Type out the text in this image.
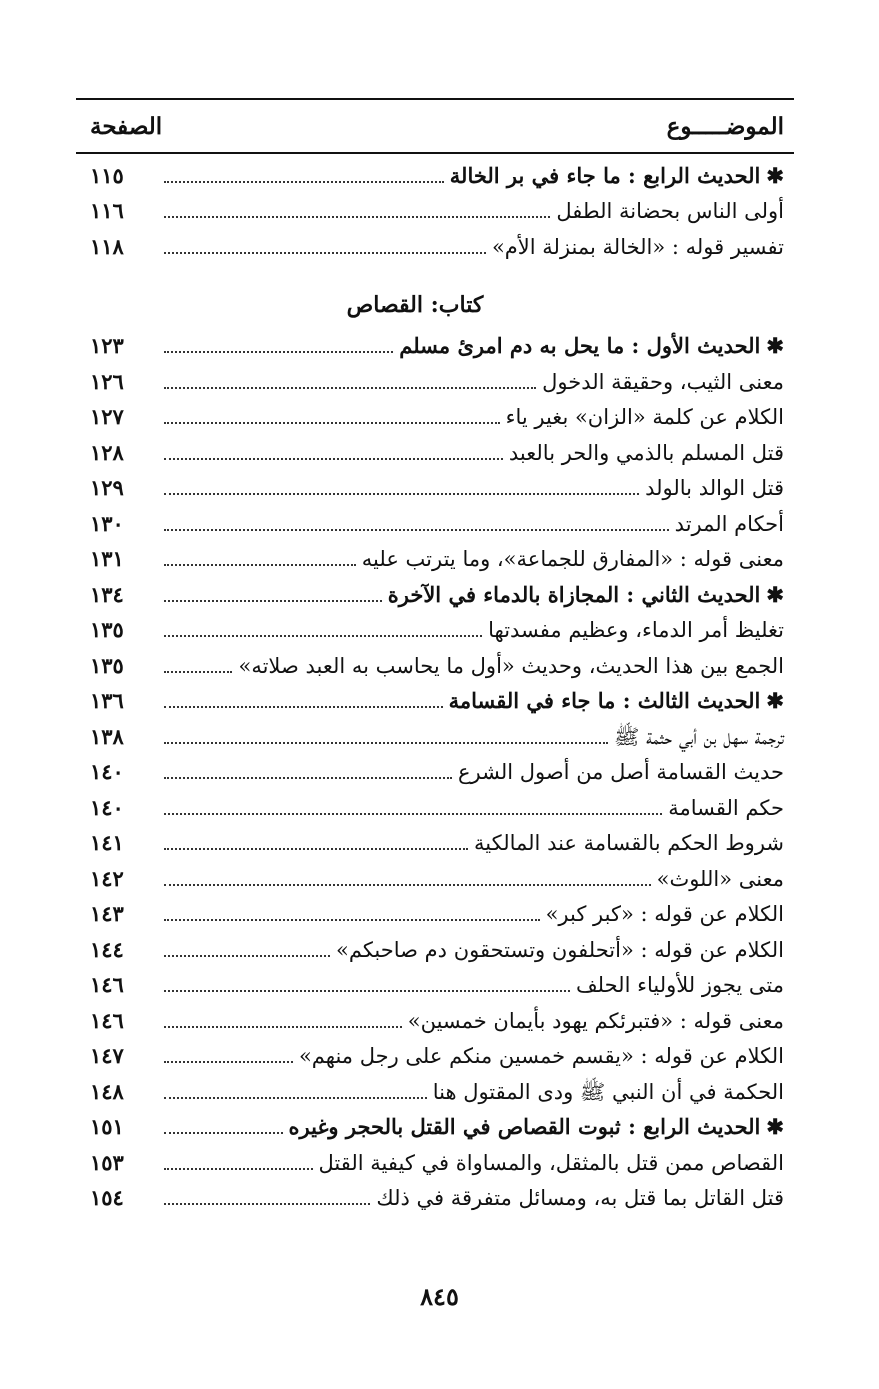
الموضـــــوع
الصفحة
✱الحديث الرابع : ما جاء في بر الخالة
١١٥
أولى الناس بحضانة الطفل
١١٦
تفسير قوله : «الخالة بمنزلة الأم»
١١٨
كتاب: القصاص
✱الحديث الأول : ما يحل به دم امرئ مسلم
١٢٣
معنى الثيب، وحقيقة الدخول
١٢٦
الكلام عن كلمة «الزان» بغير ياء
١٢٧
قتل المسلم بالذمي والحر بالعبد
١٢٨
قتل الوالد بالولد
١٢٩
أحكام المرتد
١٣٠
معنى قوله : «المفارق للجماعة»، وما يترتب عليه
١٣١
✱الحديث الثاني : المجازاة بالدماء في الآخرة
١٣٤
تغليظ أمر الدماء، وعظيم مفسدتها
١٣٥
الجمع بين هذا الحديث، وحديث «أول ما يحاسب به العبد صلاته»
١٣٥
✱الحديث الثالث : ما جاء في القسامة
١٣٦
ترجمة سهل بن أبي حثمة ﷺ
١٣٨
حديث القسامة أصل من أصول الشرع
١٤٠
حكم القسامة
١٤٠
شروط الحكم بالقسامة عند المالكية
١٤١
معنى «اللوث»
١٤٢
الكلام عن قوله : «كبر كبر»
١٤٣
الكلام عن قوله : «أتحلفون وتستحقون دم صاحبكم»
١٤٤
متى يجوز للأولياء الحلف
١٤٦
معنى قوله : «فتبرئكم يهود بأيمان خمسين»
١٤٦
الكلام عن قوله : «يقسم خمسين منكم على رجل منهم»
١٤٧
الحكمة في أن النبي ﷺ ودى المقتول هنا
١٤٨
✱الحديث الرابع : ثبوت القصاص في القتل بالحجر وغيره
١٥١
القصاص ممن قتل بالمثقل، والمساواة في كيفية القتل
١٥٣
قتل القاتل بما قتل به، ومسائل متفرقة في ذلك
١٥٤
٨٤٥
